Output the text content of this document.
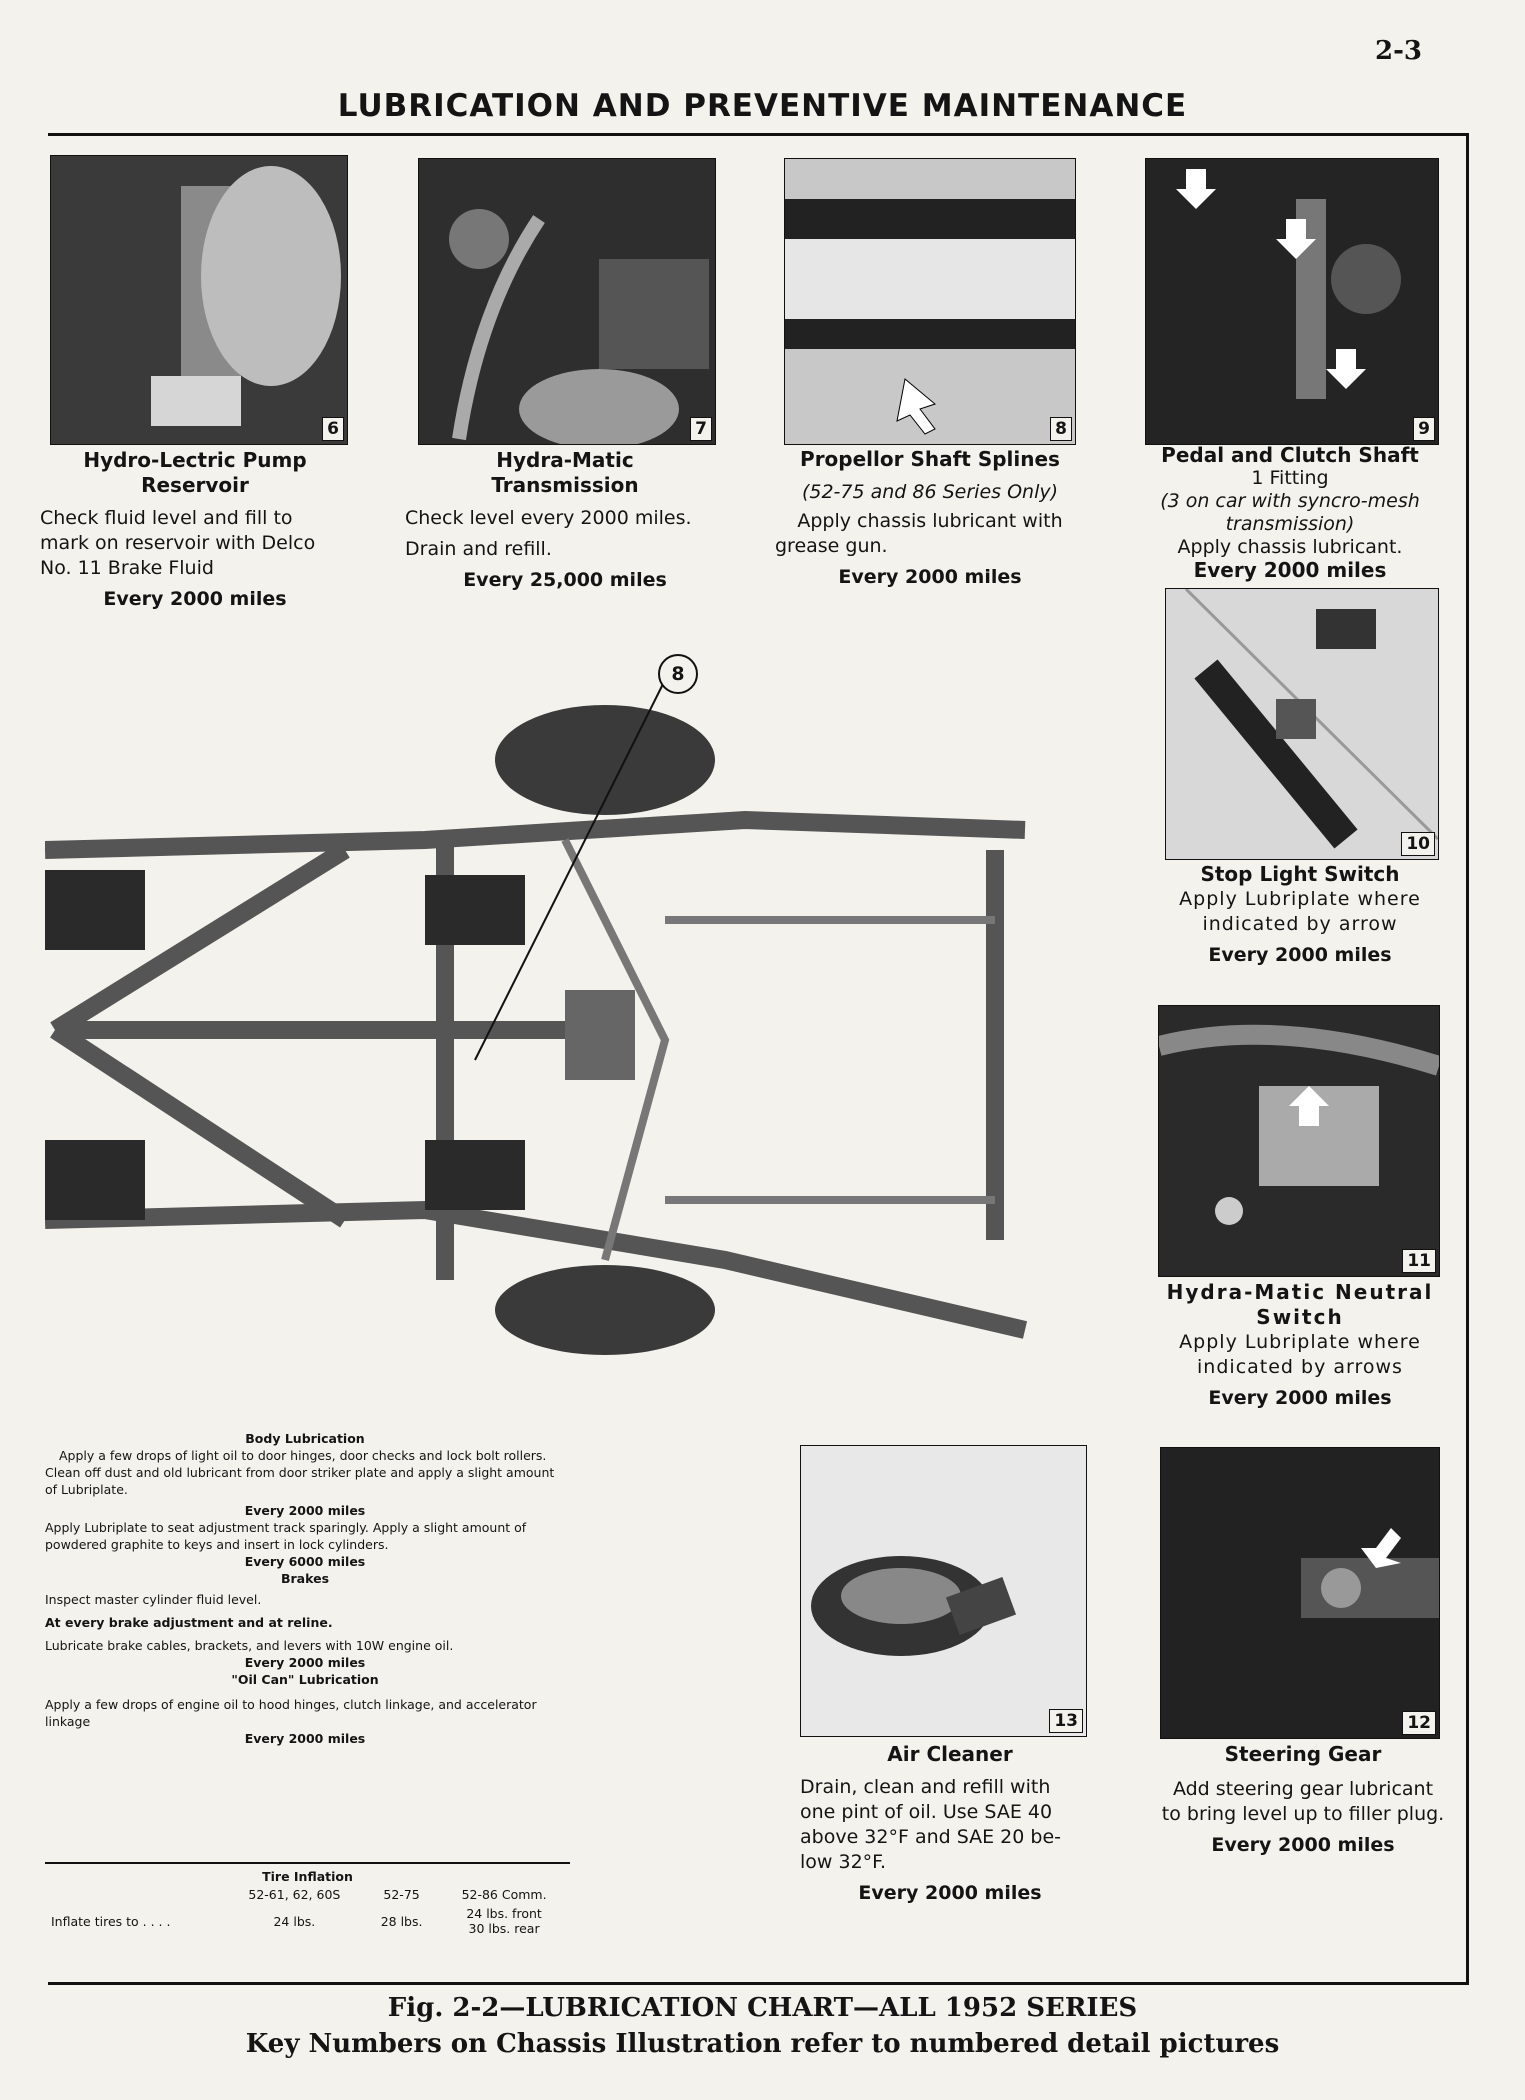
2-3
LUBRICATION AND PREVENTIVE MAINTENANCE
6
Hydro-Lectric Pump
Reservoir
Check fluid level and fill to
mark on reservoir with Delco
No. 11 Brake Fluid
Every 2000 miles
7
Hydra-Matic
Transmission
Check level every 2000 miles.
Drain and refill.
Every 25,000 miles
8
Propellor Shaft Splines
(52-75 and 86 Series Only)
Apply chassis lubricant with
grease gun.
Every 2000 miles
9
Pedal and Clutch Shaft
1 Fitting
(3 on car with syncro-mesh
transmission)
Apply chassis lubricant.
Every 2000 miles
10
Stop Light Switch
Apply Lubriplate where
indicated by arrow
Every 2000 miles
11
Hydra-Matic Neutral
Switch
Apply Lubriplate where
indicated by arrows
Every 2000 miles
12
Steering Gear
Add steering gear lubricant
to bring level up to filler plug.
Every 2000 miles
13
Air Cleaner
Drain, clean and refill with
one pint of oil. Use SAE 40
above 32°F and SAE 20 be-
low 32°F.
Every 2000 miles
8
Body Lubrication
Apply a few drops of light oil to door hinges, door checks and lock bolt rollers. Clean off dust and old lubricant from door striker plate and apply a slight amount of Lubriplate.
Every 2000 miles
Apply Lubriplate to seat adjustment track sparingly. Apply a slight amount of powdered graphite to keys and insert in lock cylinders.
Every 6000 miles
Brakes
Inspect master cylinder fluid level.
At every brake adjustment and at reline.
Lubricate brake cables, brackets, and levers with 10W engine oil.
Every 2000 miles
"Oil Can" Lubrication
Apply a few drops of engine oil to hood hinges, clutch linkage, and accelerator linkage
Every 2000 miles
Tire Inflation
	52-61, 62, 60S	52-75	52-86 Comm.
Inflate tires to . . . .	24 lbs.	28 lbs.	24 lbs. front
30 lbs. rear
Fig. 2-2—LUBRICATION CHART—ALL 1952 SERIES
Key Numbers on Chassis Illustration refer to numbered detail pictures
